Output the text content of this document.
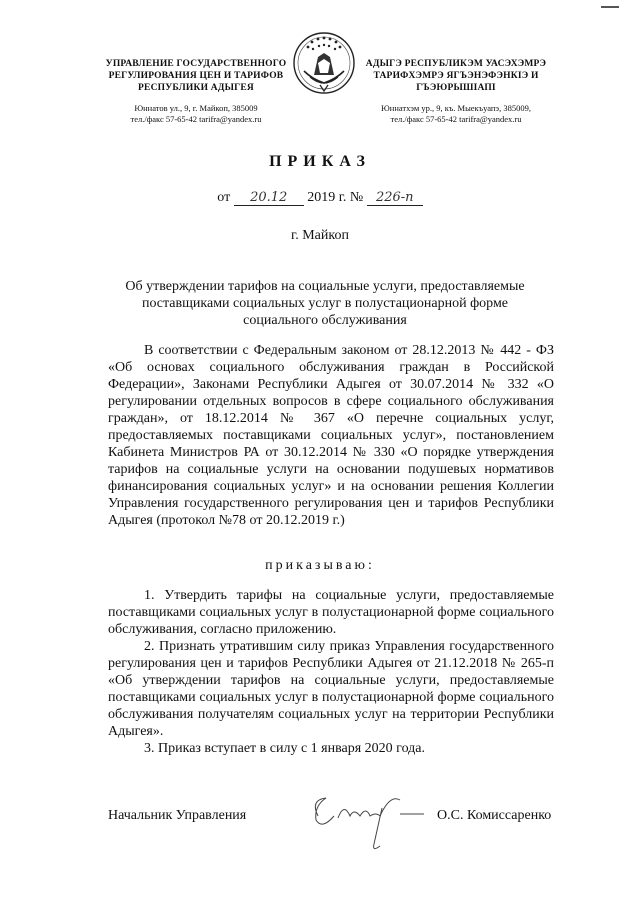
УПРАВЛЕНИЕ ГОСУДАРСТВЕННОГО
РЕГУЛИРОВАНИЯ ЦЕН И ТАРИФОВ
РЕСПУБЛИКИ АДЫГЕЯ
Юннатов ул., 9, г. Майкоп, 385009
тел./факс 57-65-42 tarifra@yandex.ru
АДЫГЭ РЕСПУБЛИКЭМ УАСЭХЭМРЭ
ТАРИФХЭМРЭ ЯГЪЭНЭФЭНКІЭ И
ГЪЭЮРЫШІАПІ
Юннатхэм ур., 9, къ. Мыекъуапэ, 385009,
тел./факс 57-65-42 tarifra@yandex.ru
ПРИКАЗ
от 20.12 2019 г. № 226-п
г. Майкоп
Об утверждении тарифов на социальные услуги, предоставляемые
поставщиками социальных услуг в полустационарной форме
социального обслуживания

В соответствии с Федеральным законом от 28.12.2013 № 442 - ФЗ «Об основах социального обслуживания граждан в Российской Федерации», Законами Республики Адыгея от 30.07.2014 № 332 «О регулировании отдельных вопросов в сфере социального обслуживания граждан», от 18.12.2014 № 367 «О перечне социальных услуг, предоставляемых поставщиками социальных услуг», постановлением Кабинета Министров РА от 30.12.2014 № 330 «О порядке утверждения тарифов на социальные услуги на основании подушевых нормативов финансирования социальных услуг» и на основании решения Коллегии Управления государственного регулирования цен и тарифов Республики Адыгея (протокол №78 от 20.12.2019 г.)

приказываю:

1. Утвердить тарифы на социальные услуги, предоставляемые поставщиками социальных услуг в полустационарной форме социального обслуживания, согласно приложению.

2. Признать утратившим силу приказ Управления государственного регулирования цен и тарифов Республики Адыгея от 21.12.2018 № 265-п «Об утверждении тарифов на социальные услуги, предоставляемые поставщиками социальных услуг в полустационарной форме социального обслуживания получателям социальных услуг на территории Республики Адыгея».

3. Приказ вступает в силу с 1 января 2020 года.

Начальник Управления	О.С. Комиссаренко
